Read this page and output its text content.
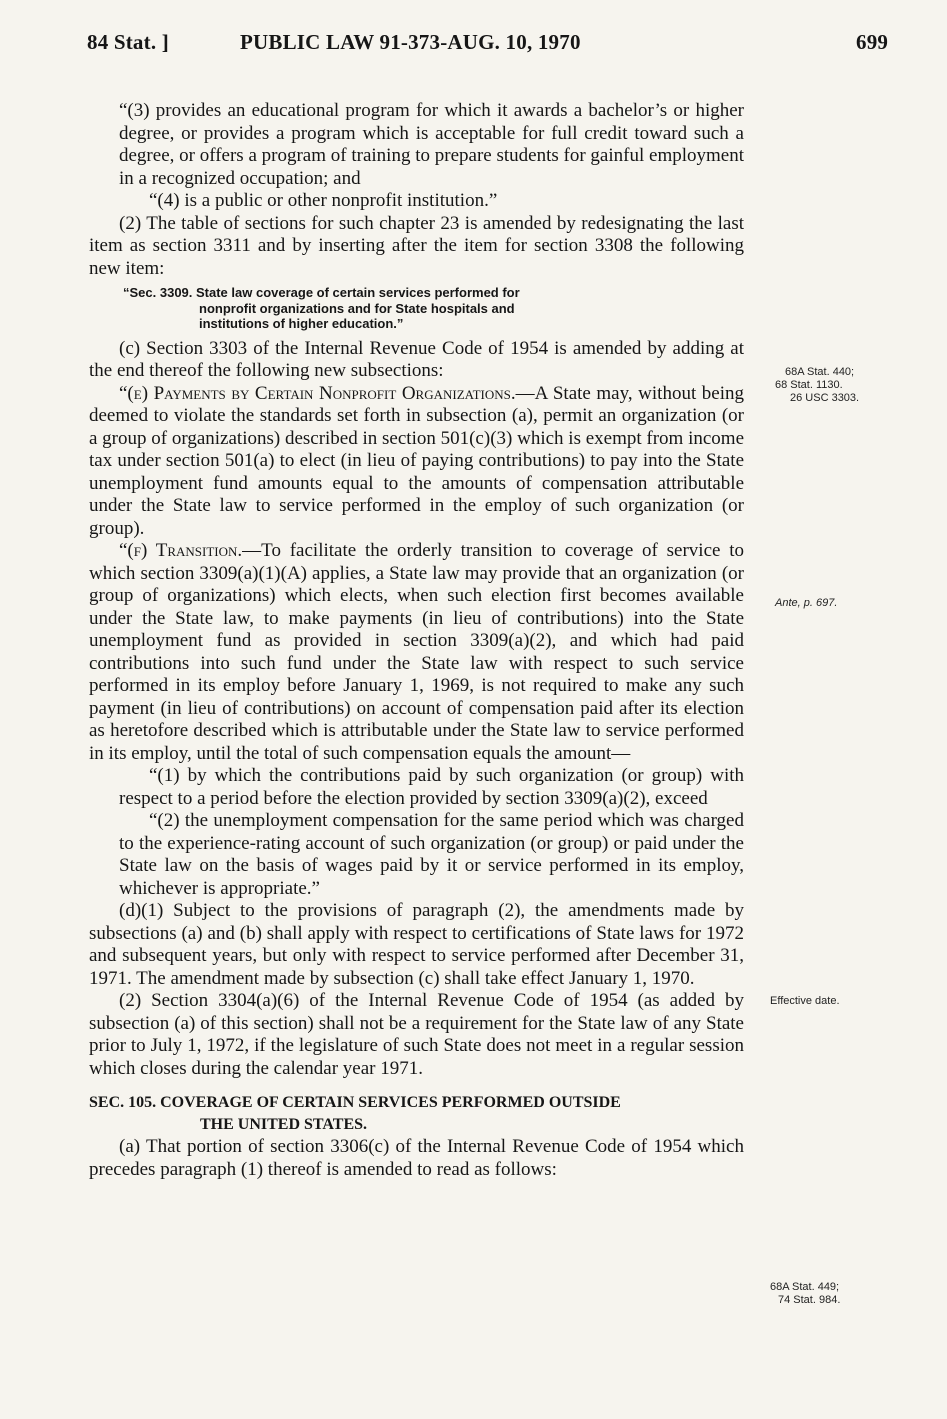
84 Stat. ]	PUBLIC LAW 91-373-AUG. 10, 1970	699

“(3) provides an educational program for which it awards a bachelor’s or higher degree, or provides a program which is acceptable for full credit toward such a degree, or offers a program of training to prepare students for gainful employment in a recognized occupation; and

“(4) is a public or other nonprofit institution.”

(2) The table of sections for such chapter 23 is amended by redesignating the last item as section 3311 and by inserting after the item for section 3308 the following new item:

“Sec. 3309. State law coverage of certain services performed for
nonprofit organizations and for State hospitals and
institutions of higher education.”

(c) Section 3303 of the Internal Revenue Code of 1954 is amended by adding at the end thereof the following new subsections:

“(e) Payments by Certain Nonprofit Organizations.—A State may, without being deemed to violate the standards set forth in subsection (a), permit an organization (or a group of organizations) described in section 501(c)(3) which is exempt from income tax under section 501(a) to elect (in lieu of paying contributions) to pay into the State unemployment fund amounts equal to the amounts of compensation attributable under the State law to service performed in the employ of such organization (or group).

“(f) Transition.—To facilitate the orderly transition to coverage of service to which section 3309(a)(1)(A) applies, a State law may provide that an organization (or group of organizations) which elects, when such election first becomes available under the State law, to make payments (in lieu of contributions) into the State unemployment fund as provided in section 3309(a)(2), and which had paid contributions into such fund under the State law with respect to such service performed in its employ before January 1, 1969, is not required to make any such payment (in lieu of contributions) on account of compensation paid after its election as heretofore described which is attributable under the State law to service performed in its employ, until the total of such compensation equals the amount—

“(1) by which the contributions paid by such organization (or group) with respect to a period before the election provided by section 3309(a)(2), exceed

“(2) the unemployment compensation for the same period which was charged to the experience-rating account of such organization (or group) or paid under the State law on the basis of wages paid by it or service performed in its employ, whichever is appropriate.”

(d)(1) Subject to the provisions of paragraph (2), the amendments made by subsections (a) and (b) shall apply with respect to certifications of State laws for 1972 and subsequent years, but only with respect to service performed after December 31, 1971. The amendment made by subsection (c) shall take effect January 1, 1970.

(2) Section 3304(a)(6) of the Internal Revenue Code of 1954 (as added by subsection (a) of this section) shall not be a requirement for the State law of any State prior to July 1, 1972, if the legislature of such State does not meet in a regular session which closes during the calendar year 1971.

SEC. 105. COVERAGE OF CERTAIN SERVICES PERFORMED OUTSIDE
THE UNITED STATES.

(a) That portion of section 3306(c) of the Internal Revenue Code of 1954 which precedes paragraph (1) thereof is amended to read as follows:

68A Stat. 440;
68 Stat. 1130.
26 USC 3303.
Ante, p. 697.
Effective date.
68A Stat. 449;
74 Stat. 984.
